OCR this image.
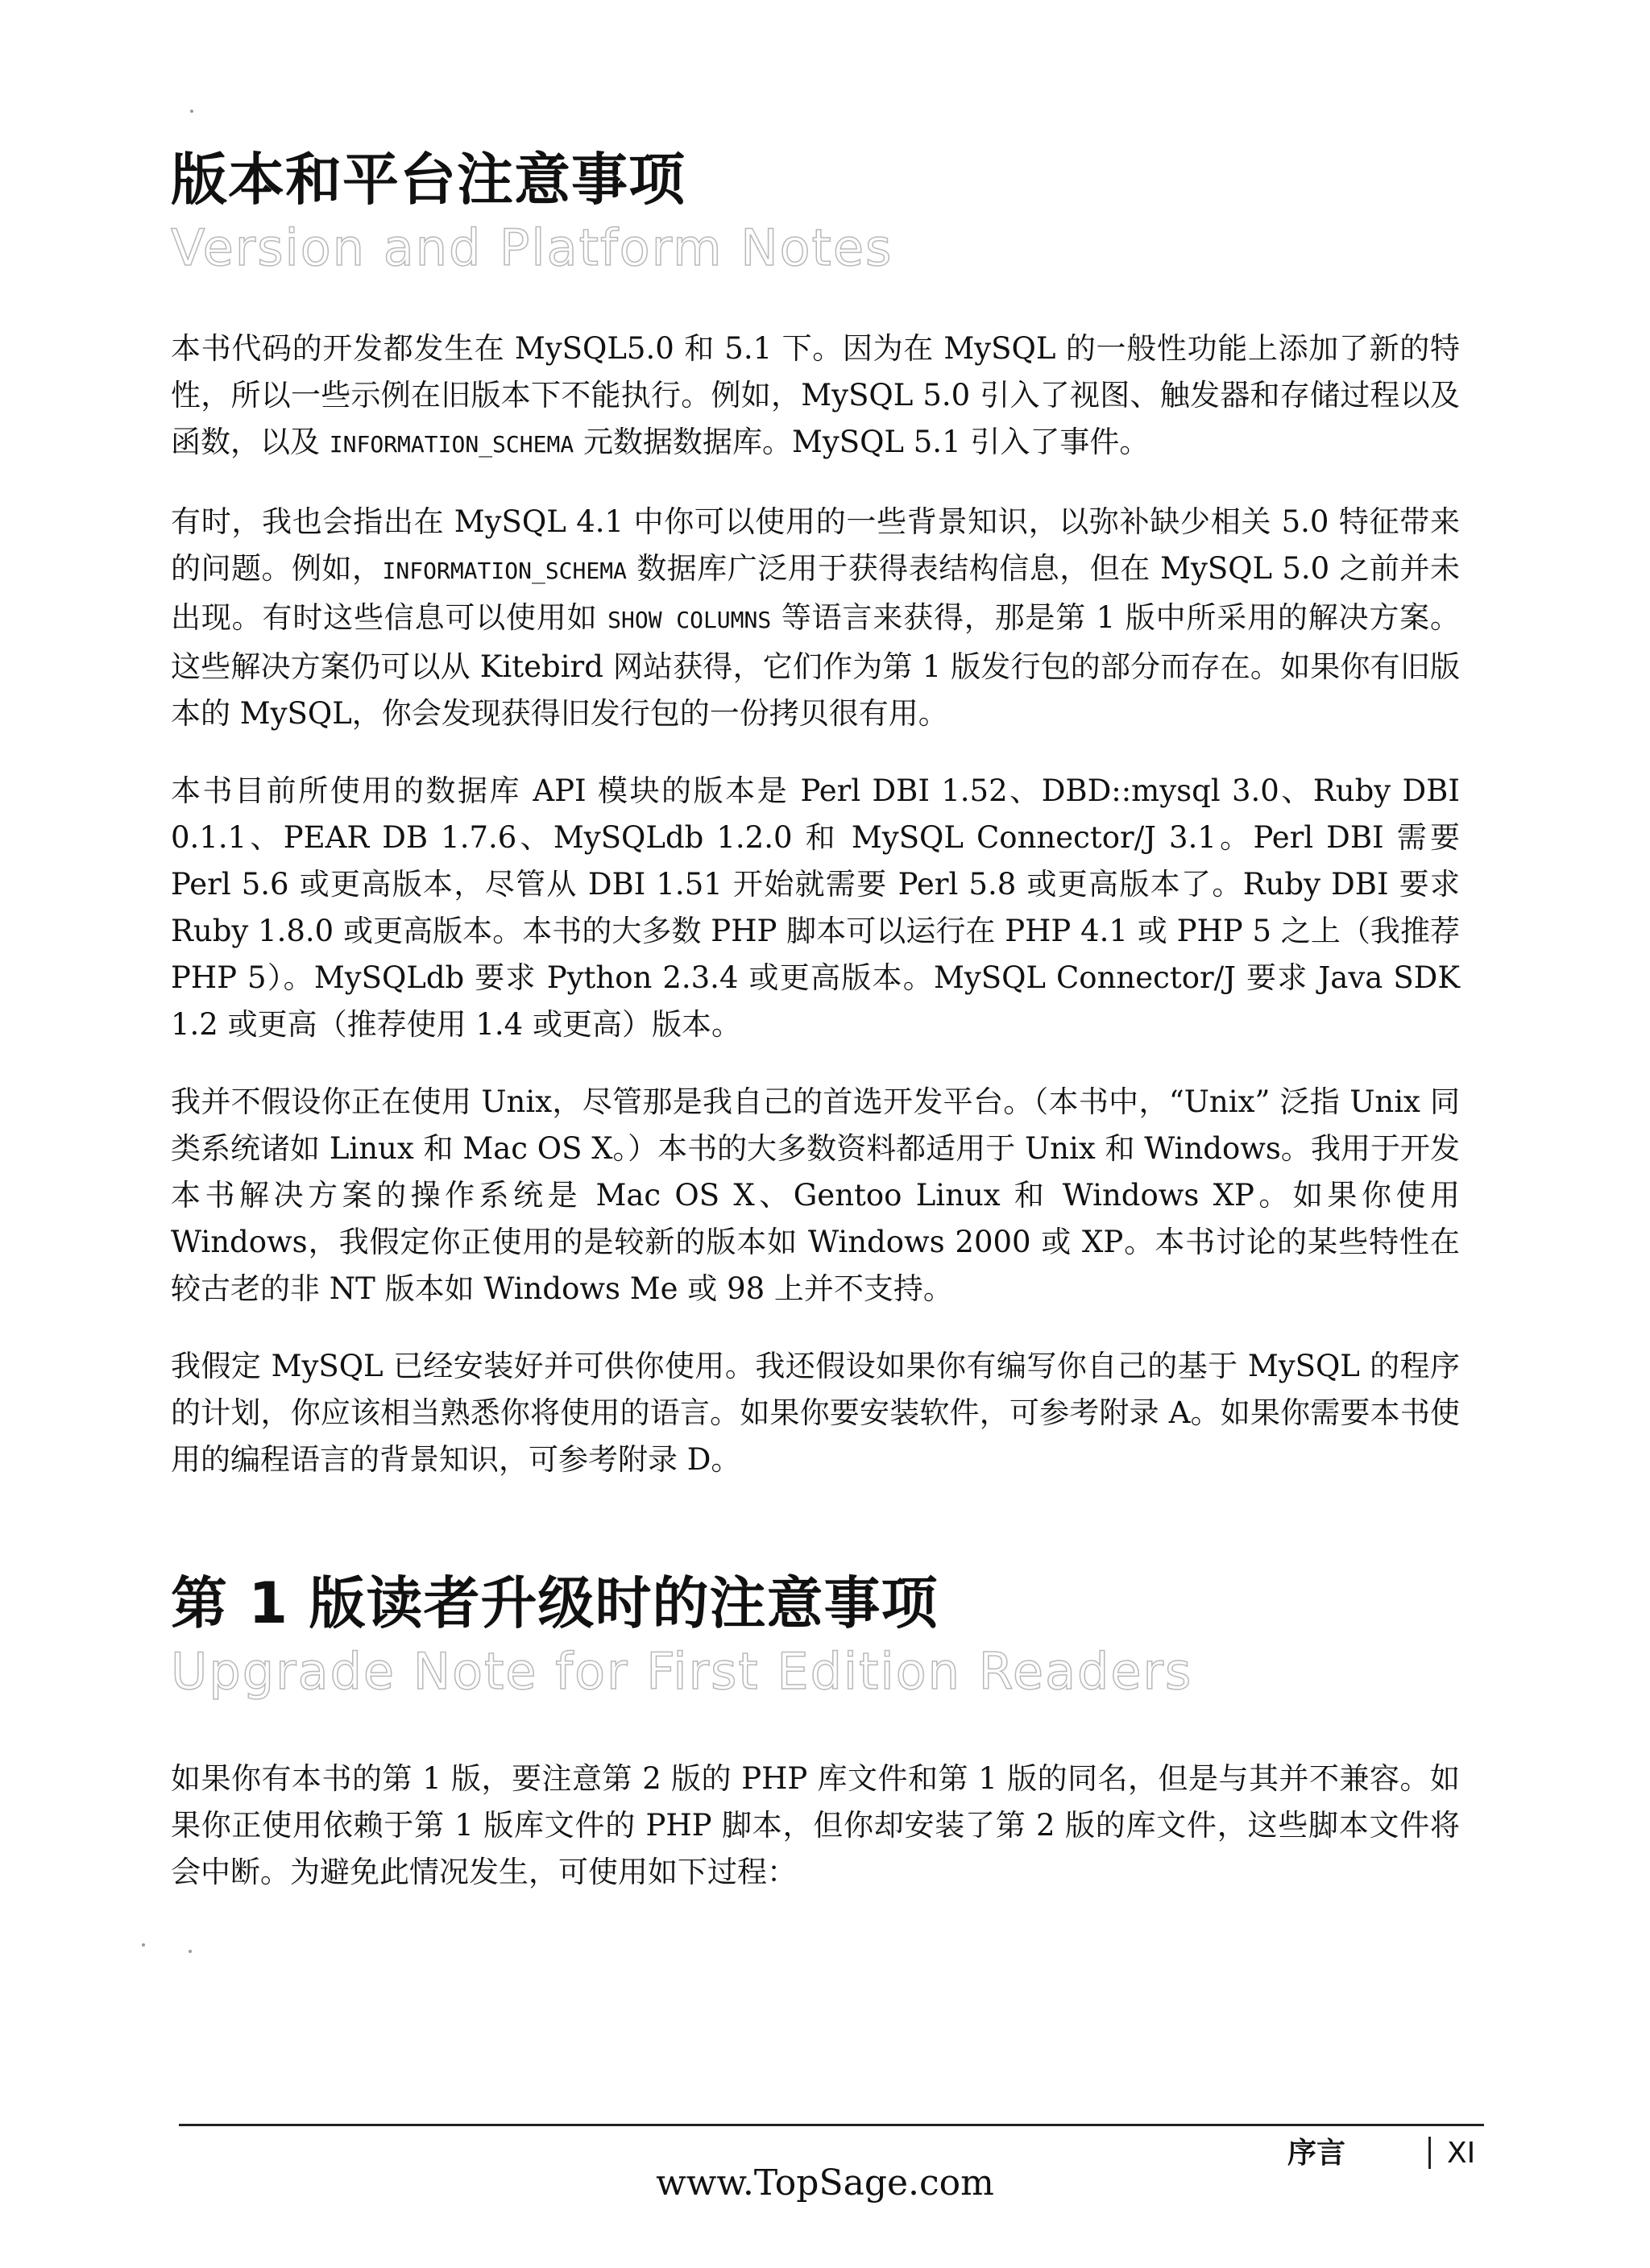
版本和平台注意事项
Version and Platform Notes

本书代码的开发都发生在 MySQL5.0 和 5.1 下。因为在 MySQL 的一般性功能上添加了新的特性，所以一些示例在旧版本下不能执行。例如，MySQL 5.0 引入了视图、触发器和存储过程以及函数，以及 INFORMATION_SCHEMA 元数据数据库。MySQL 5.1 引入了事件。

有时，我也会指出在 MySQL 4.1 中你可以使用的一些背景知识，以弥补缺少相关 5.0 特征带来的问题。例如，INFORMATION_SCHEMA 数据库广泛用于获得表结构信息，但在 MySQL 5.0 之前并未出现。有时这些信息可以使用如 SHOW COLUMNS 等语言来获得，那是第 1 版中所采用的解决方案。这些解决方案仍可以从 Kitebird 网站获得，它们作为第 1 版发行包的部分而存在。如果你有旧版本的 MySQL，你会发现获得旧发行包的一份拷贝很有用。

本书目前所使用的数据库 API 模块的版本是 Perl DBI 1.52、DBD::mysql 3.0、Ruby DBI 0.1.1、PEAR DB 1.7.6、MySQLdb 1.2.0 和 MySQL Connector/J 3.1。Perl DBI 需要 Perl 5.6 或更高版本，尽管从 DBI 1.51 开始就需要 Perl 5.8 或更高版本了。Ruby DBI 要求 Ruby 1.8.0 或更高版本。本书的大多数 PHP 脚本可以运行在 PHP 4.1 或 PHP 5 之上（我推荐 PHP 5）。MySQLdb 要求 Python 2.3.4 或更高版本。MySQL Connector/J 要求 Java SDK 1.2 或更高（推荐使用 1.4 或更高）版本。

我并不假设你正在使用 Unix，尽管那是我自己的首选开发平台。（本书中，“Unix” 泛指 Unix 同类系统诸如 Linux 和 Mac OS X。）本书的大多数资料都适用于 Unix 和 Windows。我用于开发本书解决方案的操作系统是 Mac OS X、Gentoo Linux 和 Windows XP。如果你使用 Windows，我假定你正使用的是较新的版本如 Windows 2000 或 XP。本书讨论的某些特性在较古老的非 NT 版本如 Windows Me 或 98 上并不支持。

我假定 MySQL 已经安装好并可供你使用。我还假设如果你有编写你自己的基于 MySQL 的程序的计划，你应该相当熟悉你将使用的语言。如果你要安装软件，可参考附录 A。如果你需要本书使用的编程语言的背景知识，可参考附录 D。

第 1 版读者升级时的注意事项
Upgrade Note for First Edition Readers

如果你有本书的第 1 版，要注意第 2 版的 PHP 库文件和第 1 版的同名，但是与其并不兼容。如果你正使用依赖于第 1 版库文件的 PHP 脚本，但你却安装了第 2 版的库文件，这些脚本文件将会中断。为避免此情况发生，可使用如下过程：

序言	XI
www.TopSage.com
